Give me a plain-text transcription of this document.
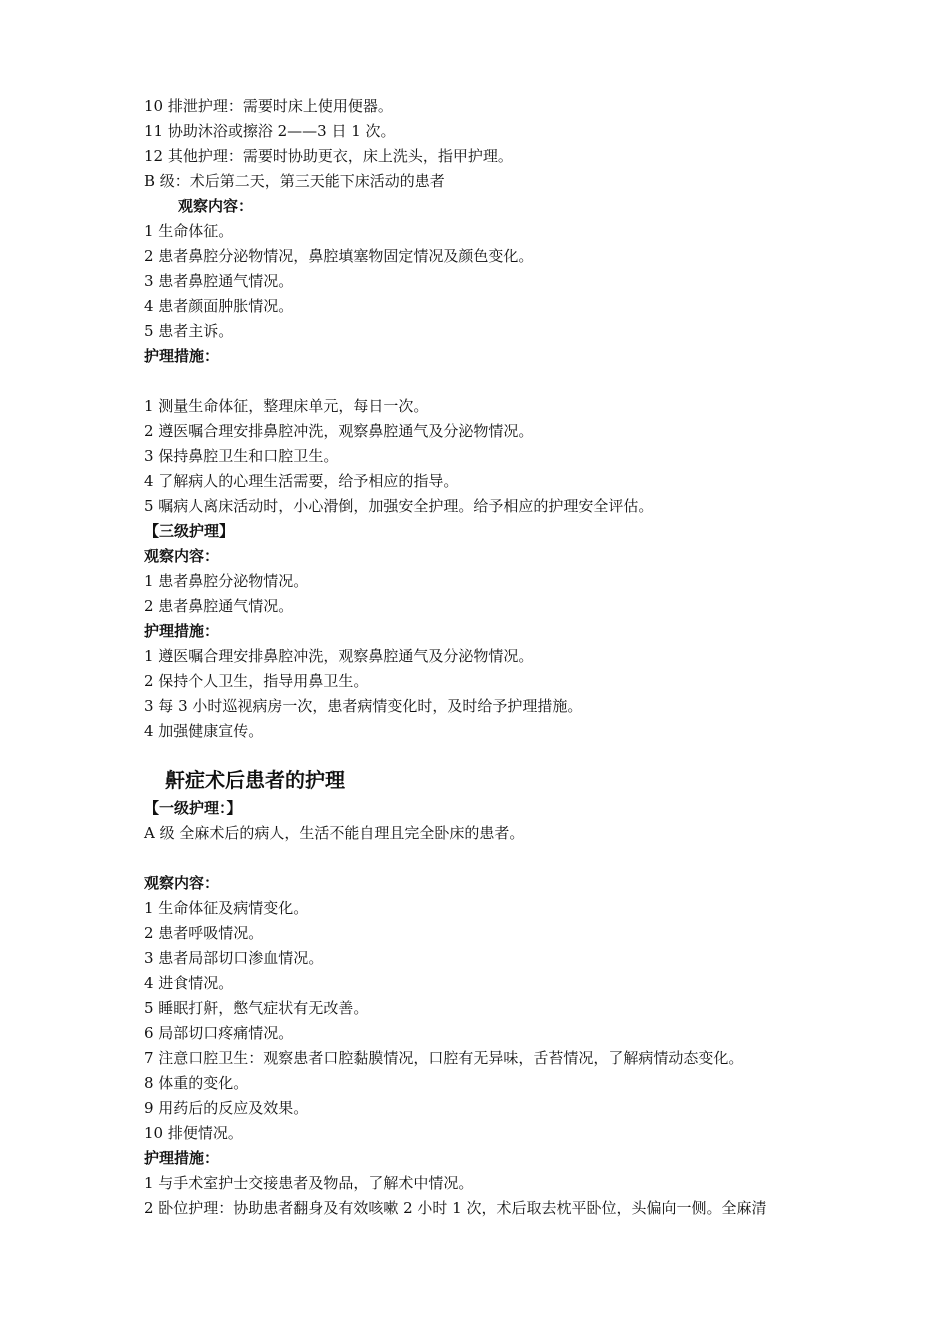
10 排泄护理：需要时床上使用便器。
11 协助沐浴或擦浴 2——3 日 1 次。
12 其他护理：需要时协助更衣，床上洗头，指甲护理。
B 级：术后第二天，第三天能下床活动的患者
观察内容：
1 生命体征。
2 患者鼻腔分泌物情况，鼻腔填塞物固定情况及颜色变化。
3 患者鼻腔通气情况。
4 患者颜面肿胀情况。
5 患者主诉。
护理措施：
1 测量生命体征，整理床单元，每日一次。
2 遵医嘱合理安排鼻腔冲洗，观察鼻腔通气及分泌物情况。
3 保持鼻腔卫生和口腔卫生。
4 了解病人的心理生活需要，给予相应的指导。
5 嘱病人离床活动时，小心滑倒，加强安全护理。给予相应的护理安全评估。
【三级护理】
观察内容：
1 患者鼻腔分泌物情况。
2 患者鼻腔通气情况。
护理措施：
1 遵医嘱合理安排鼻腔冲洗，观察鼻腔通气及分泌物情况。
2 保持个人卫生，指导用鼻卫生。
3 每 3 小时巡视病房一次，患者病情变化时，及时给予护理措施。
4 加强健康宣传。
鼾症术后患者的护理
【一级护理：】
A 级 全麻术后的病人，生活不能自理且完全卧床的患者。
观察内容：
1 生命体征及病情变化。
2 患者呼吸情况。
3 患者局部切口渗血情况。
4 进食情况。
5 睡眠打鼾，憋气症状有无改善。
6 局部切口疼痛情况。
7 注意口腔卫生：观察患者口腔黏膜情况，口腔有无异味，舌苔情况，了解病情动态变化。
8 体重的变化。
9 用药后的反应及效果。
10 排便情况。
护理措施：
1 与手术室护士交接患者及物品，了解术中情况。
2 卧位护理：协助患者翻身及有效咳嗽 2 小时 1 次，术后取去枕平卧位，头偏向一侧。全麻清
